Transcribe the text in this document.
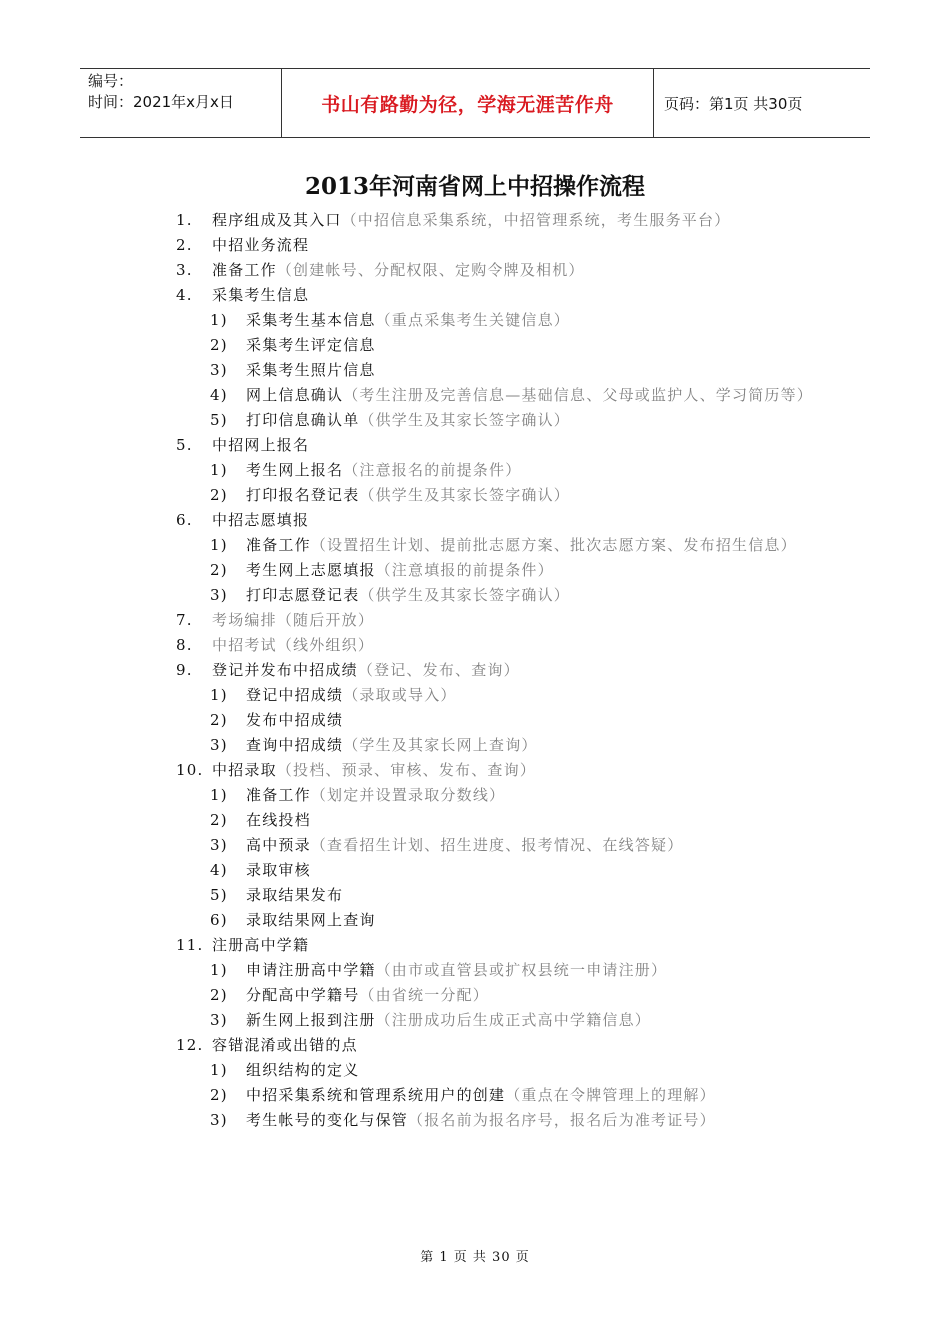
编号：
时间：2021年x月x日	书山有路勤为径，学海无涯苦作舟	页码：第1页 共30页
2013年河南省网上中招操作流程
1.	程序组成及其入口（中招信息采集系统，中招管理系统，考生服务平台）
2.	中招业务流程
3.	准备工作（创建帐号、分配权限、定购令牌及相机）
4.	采集考生信息
1)	采集考生基本信息（重点采集考生关键信息）
2)	采集考生评定信息
3)	采集考生照片信息
4)	网上信息确认（考生注册及完善信息—基础信息、父母或监护人、学习简历等）
5)	打印信息确认单（供学生及其家长签字确认）
5.	中招网上报名
1)	考生网上报名（注意报名的前提条件）
2)	打印报名登记表（供学生及其家长签字确认）
6.	中招志愿填报
1)	准备工作（设置招生计划、提前批志愿方案、批次志愿方案、发布招生信息）
2)	考生网上志愿填报（注意填报的前提条件）
3)	打印志愿登记表（供学生及其家长签字确认）
7.	考场编排（随后开放）
8.	中招考试（线外组织）
9.	登记并发布中招成绩（登记、发布、查询）
1)	登记中招成绩（录取或导入）
2)	发布中招成绩
3)	查询中招成绩（学生及其家长网上查询）
10. 中招录取（投档、预录、审核、发布、查询）
1)	准备工作（划定并设置录取分数线）
2)	在线投档
3)	高中预录（查看招生计划、招生进度、报考情况、在线答疑）
4)	录取审核
5)	录取结果发布
6)	录取结果网上查询
11. 注册高中学籍
1)	申请注册高中学籍（由市或直管县或扩权县统一申请注册）
2)	分配高中学籍号（由省统一分配）
3)	新生网上报到注册（注册成功后生成正式高中学籍信息）
12. 容错混淆或出错的点
1)	组织结构的定义
2)	中招采集系统和管理系统用户的创建（重点在令牌管理上的理解）
3)	考生帐号的变化与保管（报名前为报名序号，报名后为准考证号）
第 1 页 共 30 页
